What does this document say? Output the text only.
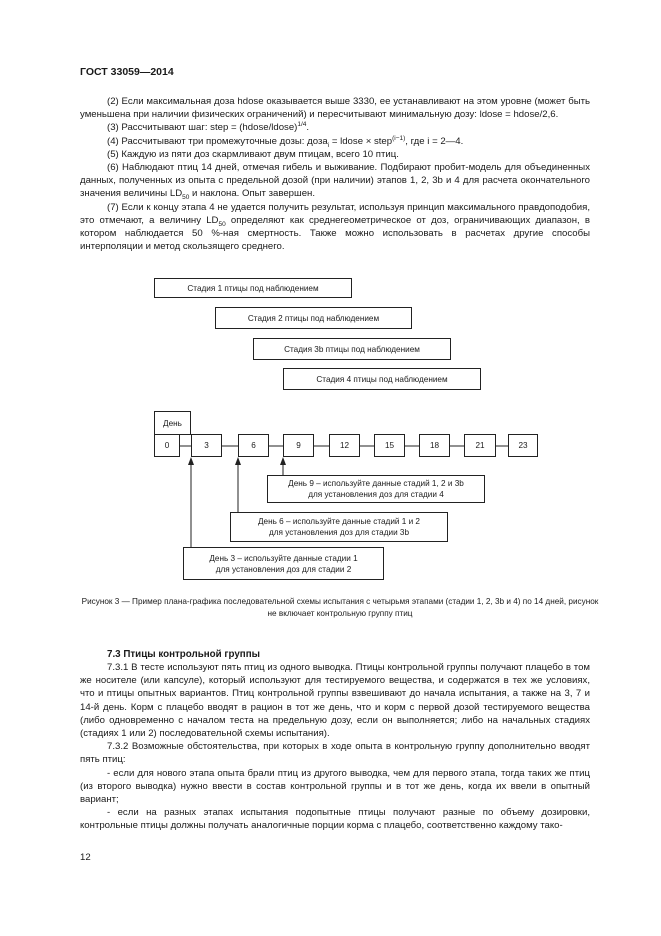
ГОСТ 33059—2014

(2) Если максимальная доза hdose оказывается выше 3330, ее устанавливают на этом уровне (может быть уменьшена при наличии физических ограничений) и пересчитывают минимальную дозу: ldose = hdose/2,6.

(3) Рассчитывают шаг: step = (hdose/ldose)$^{1/4}$.

(4) Рассчитывают три промежуточные дозы: доза$_i$ = ldose × step$^{(i-1)}$, где i = 2—4.

(5) Каждую из пяти доз скармливают двум птицам, всего 10 птиц.

(6) Наблюдают птиц 14 дней, отмечая гибель и выживание. Подбирают пробит-модель для объединенных данных, полученных из опыта с предельной дозой (при наличии) этапов 1, 2, 3b и 4 для расчета окончательного значения величины $LD_{50}$ и наклона. Опыт завершен.

(7) Если к концу этапа 4 не удается получить результат, используя принцип максимального правдоподобия, это отмечают, а величину $LD_{50}$ определяют как среднегеометрическое от доз, ограничивающих диапазон, в котором наблюдается 50 %-ная смертность. Также можно использовать в расчетах другие способы интерполяции и метод скользящего среднего.

Стадия 1 птицы под наблюдением
Стадия 2 птицы под наблюдением
Стадия 3b птицы под наблюдением
Стадия 4 птицы под наблюдением
День
0	3	6	9	12	15	18	21	23
День 9 – используйте данные стадий 1, 2 и 3b
для установления доз для стадии 4
День 6 – используйте данные стадий 1 и 2
для установления доз для стадии 3b
День 3 – используйте данные стадии 1
для установления доз для стадии 2
Рисунок 3 — Пример плана-графика последовательной схемы испытания с четырьмя этапами (стадии 1, 2, 3b и 4) по 14 дней, рисунок не включает контрольную группу птиц
7.3 Птицы контрольной группы

7.3.1 В тесте используют пять птиц из одного выводка. Птицы контрольной группы получают плацебо в том же носителе (или капсуле), который используют для тестируемого вещества, и содержатся в тех же условиях, что и птицы опытных вариантов. Птиц контрольной группы взвешивают до начала испытания, а также на 3, 7 и 14-й день. Корм с плацебо вводят в рацион в тот же день, что и корм с первой дозой тестируемого вещества (либо одновременно с началом теста на предельную дозу, если он выполняется; либо на начальных стадиях (стадиях 1 или 2) последовательной схемы испытания).

7.3.2 Возможные обстоятельства, при которых в ходе опыта в контрольную группу дополнительно вводят пять птиц:

- если для нового этапа опыта брали птиц из другого выводка, чем для первого этапа, тогда таких же птиц (из второго выводка) нужно ввести в состав контрольной группы и в тот же день, когда их ввели в опытный вариант;

- если на разных этапах испытания подопытные птицы получают разные по объему дозировки, контрольные птицы должны получать аналогичные порции корма с плацебо, соответственно каждому тако-

12
